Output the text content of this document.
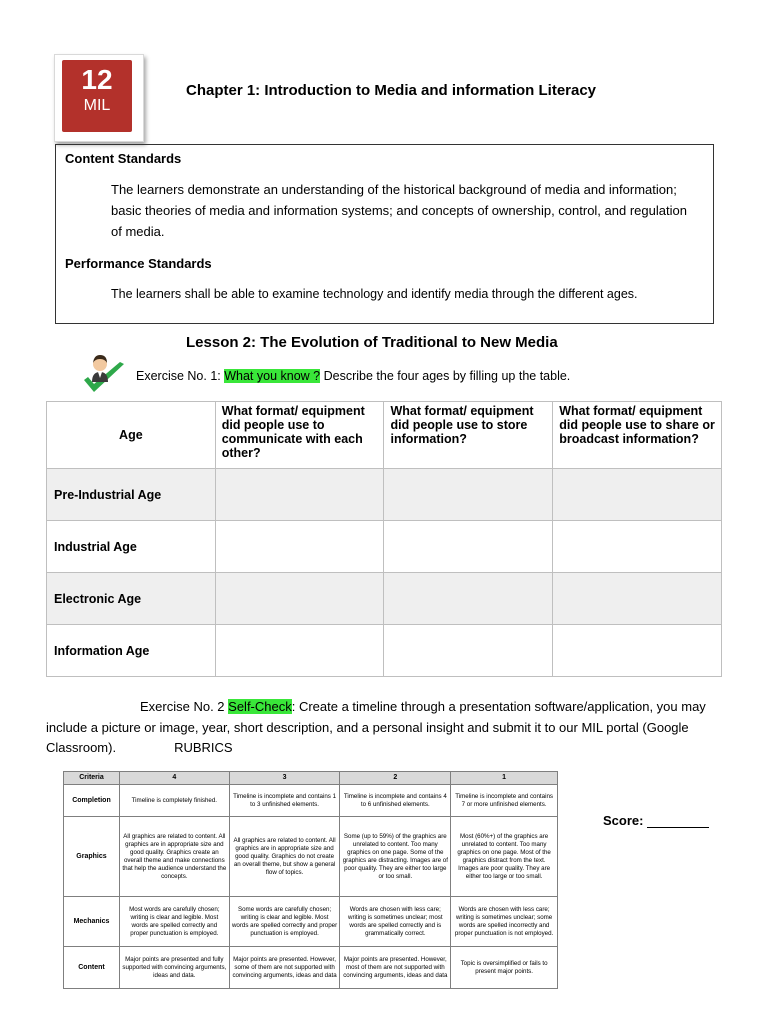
12
MIL
Chapter 1: Introduction to Media and information Literacy
Content Standards
The learners demonstrate an understanding of the historical background of media and information; basic theories of media and information systems; and concepts of ownership, control, and regulation of media.
Performance Standards
The learners shall be able to examine technology and identify media through the different ages.
Lesson 2: The Evolution of Traditional to New Media
Exercise No. 1: What you know ? Describe the four ages by filling up the table.
Age	What format/ equipment did people use to communicate with each other?	What format/ equipment did people use to store information?	What format/ equipment did people use to share or broadcast information?
Pre-Industrial Age			
Industrial Age			
Electronic Age			
Information Age			
Exercise No. 2 Self-Check: Create a timeline through a presentation software/application, you may include a picture or image, year, short description, and a personal insight and submit it to our MIL portal (Google Classroom).	RUBRICS
Criteria	4	3	2	1
Completion	Timeline is completely finished.	Timeline is incomplete and contains 1 to 3 unfinished elements.	Timeline is incomplete and contains 4 to 6 unfinished elements.	Timeline is incomplete and contains 7 or more unfinished elements.
Graphics	All graphics are related to content. All graphics are in appropriate size and good quality. Graphics create an overall theme and make connections that help the audience understand the concepts.	All graphics are related to content. All graphics are in appropriate size and good quality. Graphics do not create an overall theme, but show a general flow of topics.	Some (up to 59%) of the graphics are unrelated to content. Too many graphics on one page. Some of the graphics are distracting. Images are of poor quality. They are either too large or too small.	Most (60%+) of the graphics are unrelated to content. Too many graphics on one page. Most of the graphics distract from the text. Images are poor quality. They are either too large or too small.
Mechanics	Most words are carefully chosen; writing is clear and legible. Most words are spelled correctly and proper punctuation is employed.	Some words are carefully chosen; writing is clear and legible. Most words are spelled correctly and proper punctuation is employed.	Words are chosen with less care; writing is sometimes unclear; most words are spelled correctly and is grammatically correct.	Words are chosen with less care; writing is sometimes unclear; some words are spelled incorrectly and proper punctuation is not employed.
Content	Major points are presented and fully supported with convincing arguments, ideas and data.	Major points are presented. However, some of them are not supported with convincing arguments, ideas and data	Major points are presented. However, most of them are not supported with convincing arguments, ideas and data	Topic is oversimplified or fails to present major points.
Score:
